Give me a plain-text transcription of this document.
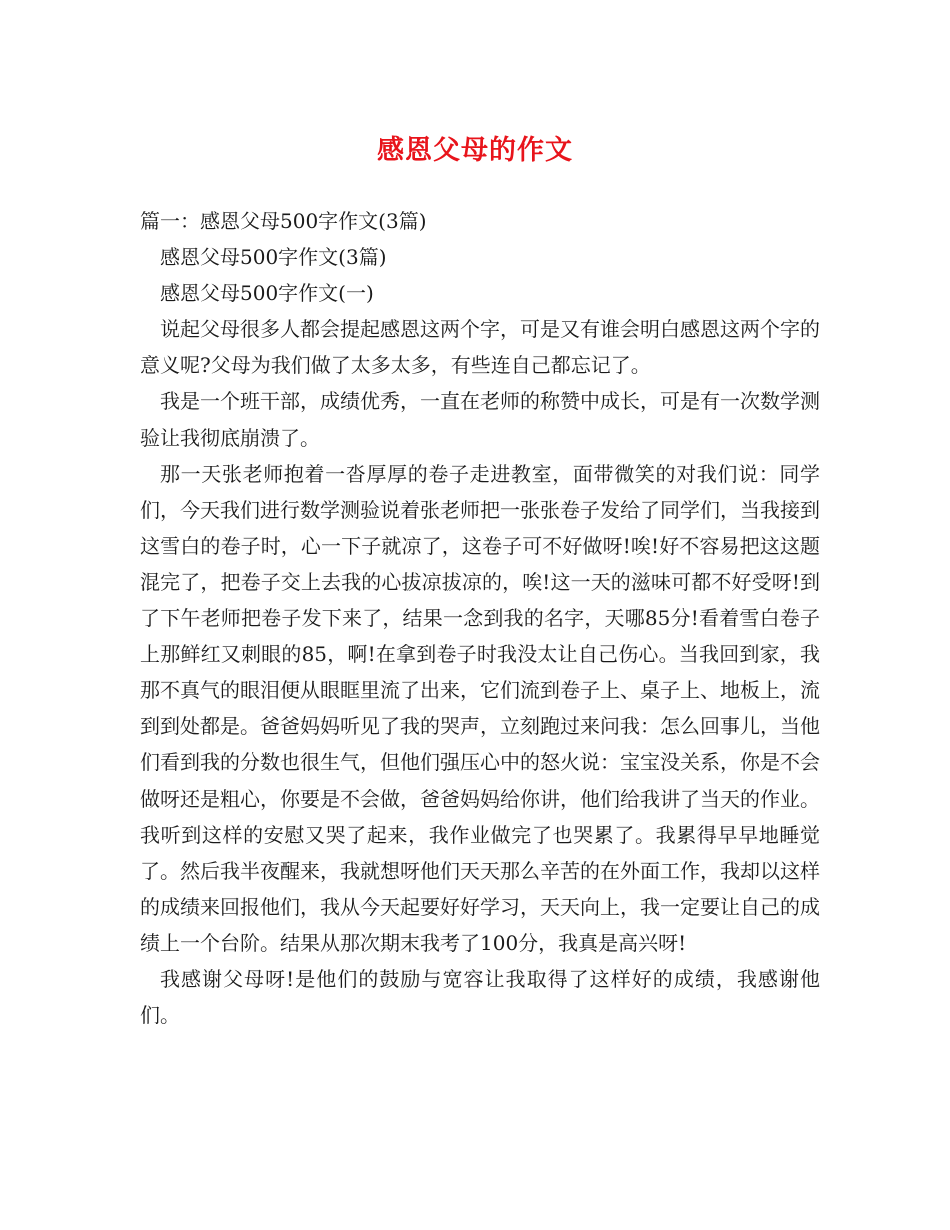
感恩父母的作文

篇一：感恩父母500字作文(3篇)

感恩父母500字作文(3篇)

感恩父母500字作文(一)

说起父母很多人都会提起感恩这两个字，可是又有谁会明白感恩这两个字的意义呢?父母为我们做了太多太多，有些连自己都忘记了。

我是一个班干部，成绩优秀，一直在老师的称赞中成长，可是有一次数学测验让我彻底崩溃了。

那一天张老师抱着一沓厚厚的卷子走进教室，面带微笑的对我们说：同学们，今天我们进行数学测验说着张老师把一张张卷子发给了同学们，当我接到这雪白的卷子时，心一下子就凉了，这卷子可不好做呀!唉!好不容易把这这题混完了，把卷子交上去我的心拔凉拔凉的，唉!这一天的滋味可都不好受呀!到了下午老师把卷子发下来了，结果一念到我的名字，天哪85分!看着雪白卷子上那鲜红又刺眼的85，啊!在拿到卷子时我没太让自己伤心。当我回到家，我那不真气的眼泪便从眼眶里流了出来，它们流到卷子上、桌子上、地板上，流到到处都是。爸爸妈妈听见了我的哭声，立刻跑过来问我：怎么回事儿，当他们看到我的分数也很生气，但他们强压心中的怒火说：宝宝没关系，你是不会做呀还是粗心，你要是不会做，爸爸妈妈给你讲，他们给我讲了当天的作业。我听到这样的安慰又哭了起来，我作业做完了也哭累了。我累得早早地睡觉了。然后我半夜醒来，我就想呀他们天天那么辛苦的在外面工作，我却以这样的成绩来回报他们，我从今天起要好好学习，天天向上，我一定要让自己的成绩上一个台阶。结果从那次期末我考了100分，我真是高兴呀!

我感谢父母呀!是他们的鼓励与宽容让我取得了这样好的成绩，我感谢他们。
